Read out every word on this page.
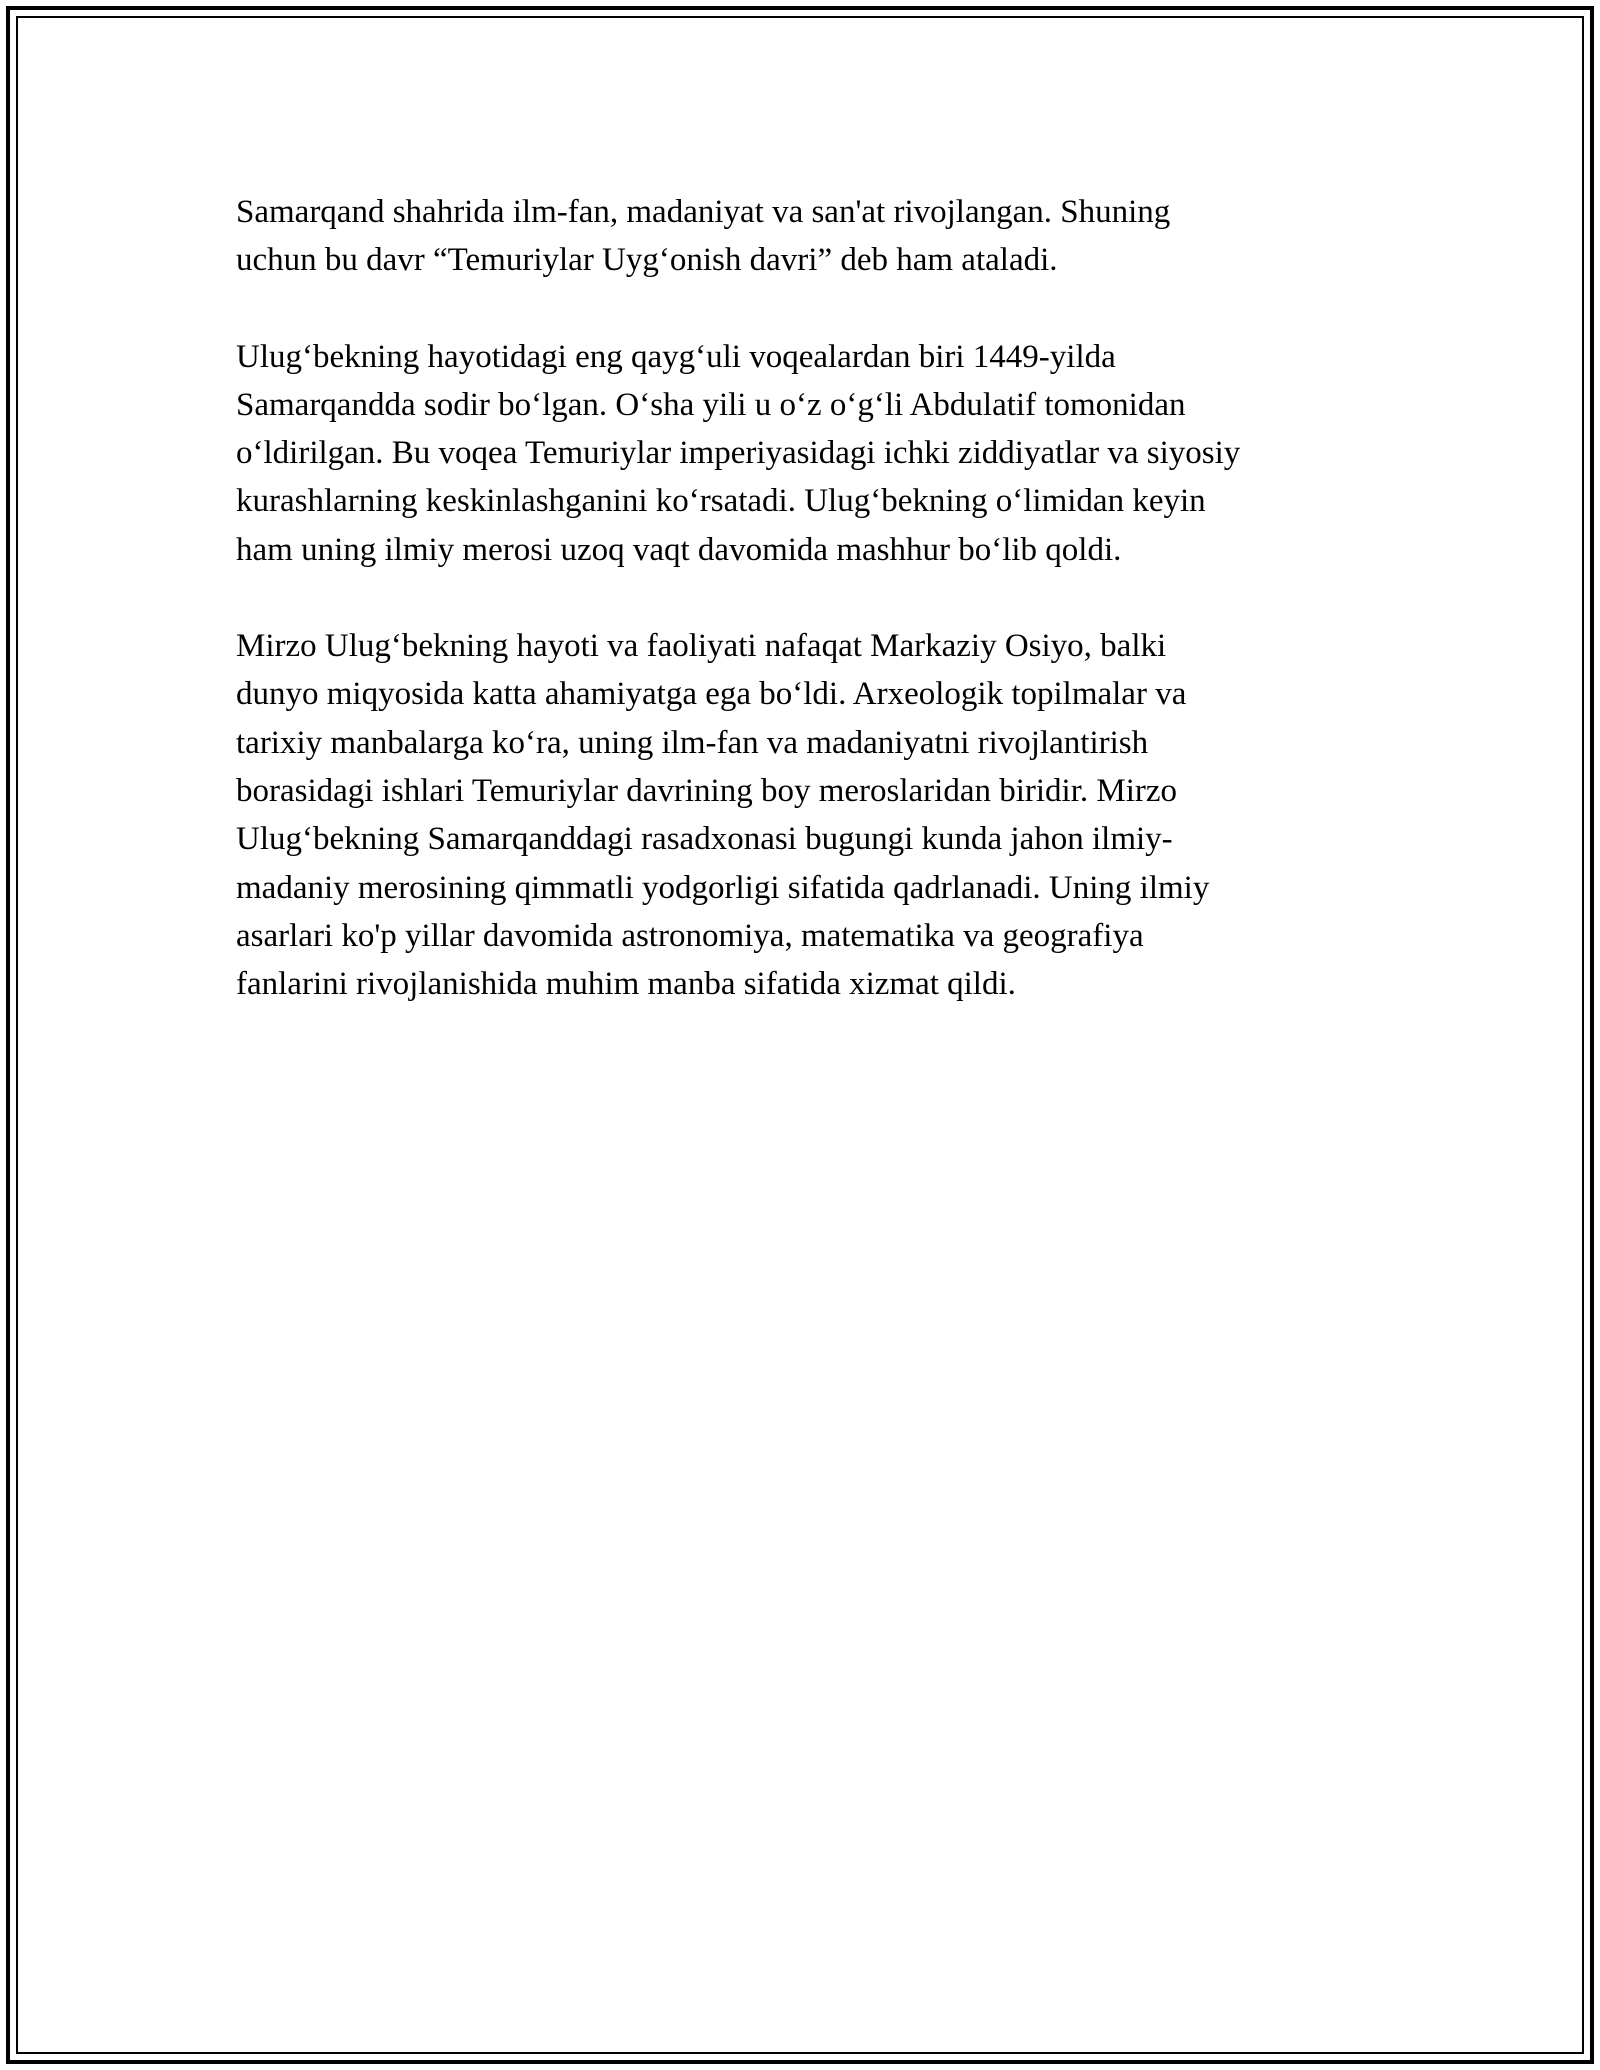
Samarqand shahrida ilm-fan, madaniyat va san'at rivojlangan. Shuning
uchun bu davr “Temuriylar Uygʻonish davri” deb ham ataladi.

Ulugʻbekning hayotidagi eng qaygʻuli voqealardan biri 1449-yilda
Samarqandda sodir boʻlgan. Oʻsha yili u oʻz oʻgʻli Abdulatif tomonidan
oʻldirilgan. Bu voqea Temuriylar imperiyasidagi ichki ziddiyatlar va siyosiy
kurashlarning keskinlashganini koʻrsatadi. Ulugʻbekning oʻlimidan keyin
ham uning ilmiy merosi uzoq vaqt davomida mashhur boʻlib qoldi.

Mirzo Ulugʻbekning hayoti va faoliyati nafaqat Markaziy Osiyo, balki
dunyo miqyosida katta ahamiyatga ega boʻldi. Arxeologik topilmalar va
tarixiy manbalarga koʻra, uning ilm-fan va madaniyatni rivojlantirish
borasidagi ishlari Temuriylar davrining boy meroslaridan biridir. Mirzo
Ulugʻbekning Samarqanddagi rasadxonasi bugungi kunda jahon ilmiy-
madaniy merosining qimmatli yodgorligi sifatida qadrlanadi. Uning ilmiy
asarlari ko'p yillar davomida astronomiya, matematika va geografiya
fanlarini rivojlanishida muhim manba sifatida xizmat qildi.
